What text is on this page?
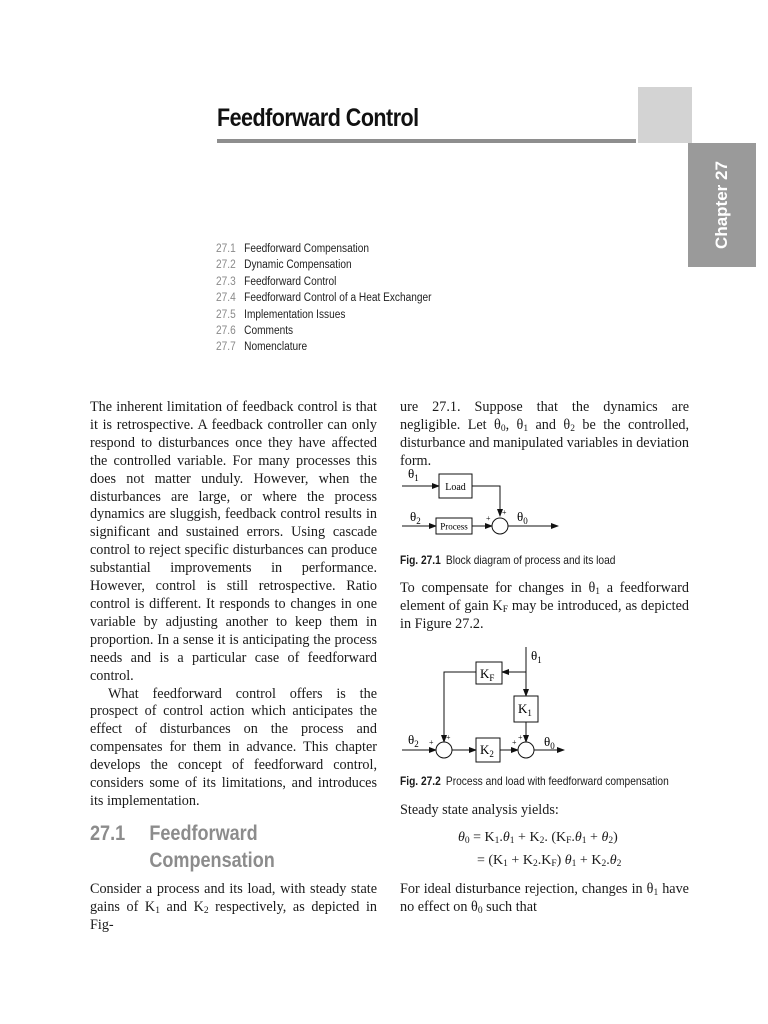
Feedforward Control
Chapter 27
27.1 Feedforward Compensation
27.2 Dynamic Compensation
27.3 Feedforward Control
27.4 Feedforward Control of a Heat Exchanger
27.5 Implementation Issues
27.6 Comments
27.7 Nomenclature

The inherent limitation of feedback control is that it is retrospective. A feedback controller can only respond to disturbances once they have affected the controlled variable. For many processes this does not matter unduly. However, when the disturbances are large, or where the process dynamics are sluggish, feedback control results in significant and sustained errors. Using cascade control to reject specific disturbances can produce substantial improvements in performance. However, control is still retrospective. Ratio control is different. It responds to changes in one variable by adjusting another to keep them in proportion. In a sense it is anticipating the process needs and is a particular case of feedforward control.

What feedforward control offers is the prospect of control action which anticipates the effect of disturbances on the process and compensates for them in advance. This chapter develops the concept of feedforward control, considers some of its limitations, and introduces its implementation.

27.1 Feedforward
Compensation
Consider a process and its load, with steady state gains of $K_1$ and $K_2$ respectively, as depicted in Fig-
ure 27.1. Suppose that the dynamics are negligible. Let $\theta_0$, $\theta_1$ and $\theta_2$ be the controlled, disturbance and manipulated variables in deviation form.
$\theta_1$
Load
$\theta_2$
Process
+
+ $\theta_0$
Fig. 27.1 Block diagram of process and its load
To compensate for changes in $\theta_1$ a feedforward element of gain $K_F$ may be introduced, as depicted in Figure 27.2.
$\theta_1$
$K_F$
$K_1$
$\theta_2$ +
+
$K_2$
+
+ $\theta_0$
Fig. 27.2 Process and load with feedforward compensation
Steady state analysis yields:
$\theta_0 = K_1.\theta_1 + K_2$. $(K_F.\theta_1 + \theta_2)$
= $(K_1 + K_2.K_F) \theta_1 + K_2.\theta_2$
For ideal disturbance rejection, changes in $\theta_1$ have no effect on $\theta_0$ such that
